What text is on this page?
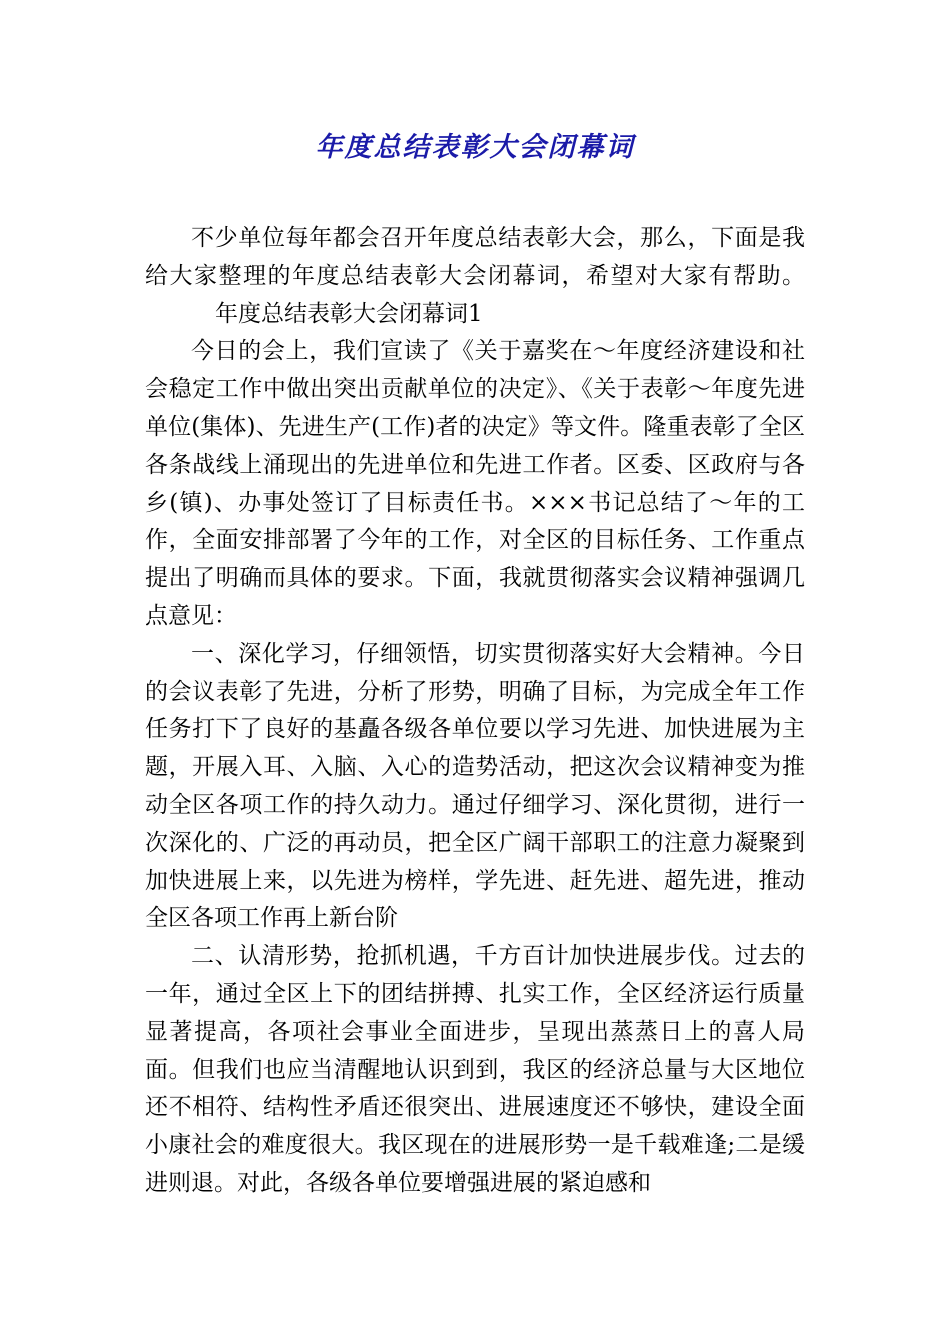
年度总结表彰大会闭幕词

不少单位每年都会召开年度总结表彰大会，那么，下面是我给大家整理的年度总结表彰大会闭幕词，希望对大家有帮助。年度总结表彰大会闭幕词1

今日的会上，我们宣读了《关于嘉奖在～年度经济建设和社会稳定工作中做出突出贡献单位的决定》、《关于表彰～年度先进单位(集体)、先进生产(工作)者的决定》等文件。隆重表彰了全区各条战线上涌现出的先进单位和先进工作者。区委、区政府与各乡(镇)、办事处签订了目标责任书。×××书记总结了～年的工作，全面安排部署了今年的工作，对全区的目标任务、工作重点提出了明确而具体的要求。下面，我就贯彻落实会议精神强调几点意见：

一、深化学习，仔细领悟，切实贯彻落实好大会精神。今日的会议表彰了先进，分析了形势，明确了目标，为完成全年工作任务打下了良好的基矗各级各单位要以学习先进、加快进展为主题，开展入耳、入脑、入心的造势活动，把这次会议精神变为推动全区各项工作的持久动力。通过仔细学习、深化贯彻，进行一次深化的、广泛的再动员，把全区广阔干部职工的注意力凝聚到加快进展上来，以先进为榜样，学先进、赶先进、超先进，推动全区各项工作再上新台阶

二、认清形势，抢抓机遇，千方百计加快进展步伐。过去的一年，通过全区上下的团结拼搏、扎实工作，全区经济运行质量显著提高，各项社会事业全面进步，呈现出蒸蒸日上的喜人局面。但我们也应当清醒地认识到到，我区的经济总量与大区地位还不相符、结构性矛盾还很突出、进展速度还不够快，建设全面小康社会的难度很大。我区现在的进展形势一是千载难逢;二是缓进则退。对此，各级各单位要增强进展的紧迫感和
